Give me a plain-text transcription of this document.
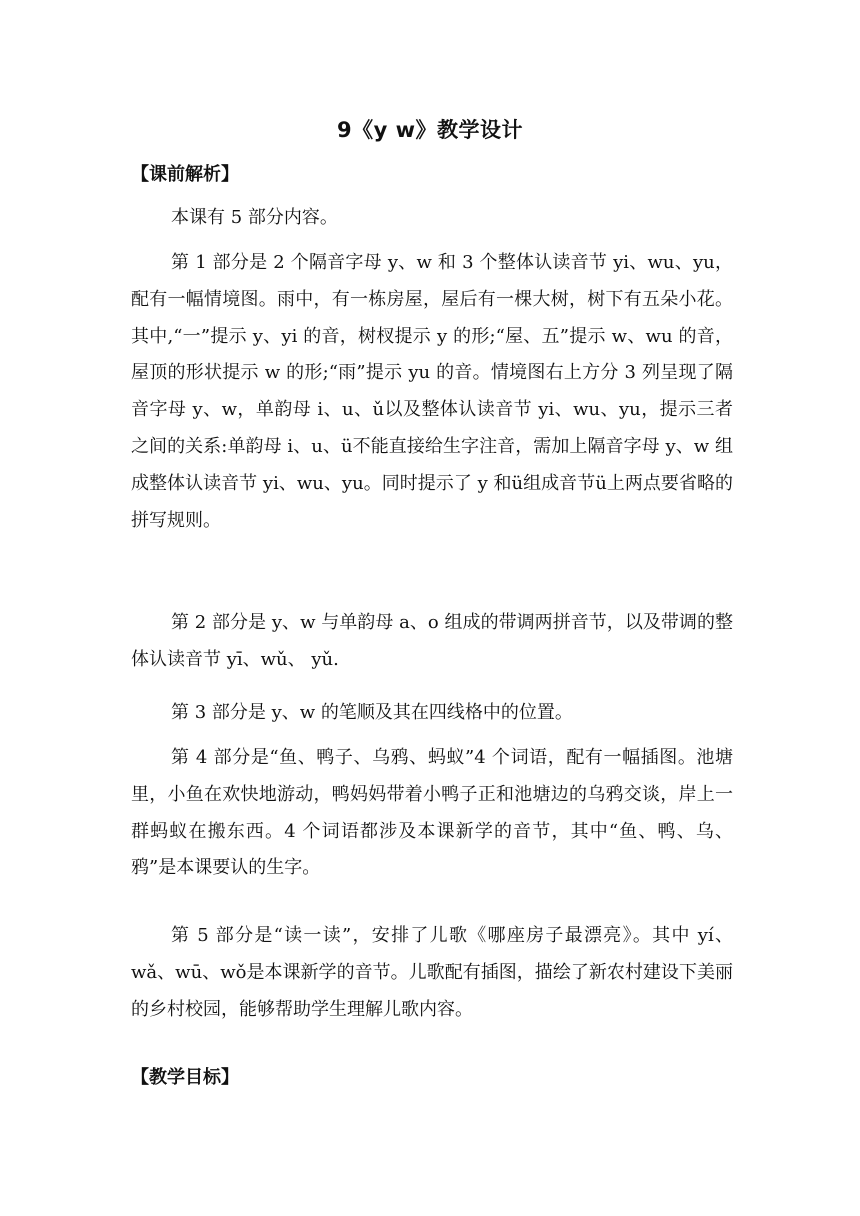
9《y w》教学设计
【课前解析】
本课有 5 部分内容。
第 1 部分是 2 个隔音字母 y、w 和 3 个整体认读音节 yi、wu、yu，配有一幅情境图。雨中，有一栋房屋，屋后有一棵大树，树下有五朵小花。其中,“一”提示 y、yi 的音，树杈提示 y 的形;“屋、五”提示 w、wu 的音，屋顶的形状提示 w 的形;“雨”提示 yu 的音。情境图右上方分 3 列呈现了隔音字母 y、w，单韵母 i、u、ǔ以及整体认读音节 yi、wu、yu，提示三者之间的关系:单韵母 i、u、ü不能直接给生字注音，需加上隔音字母 y、w 组成整体认读音节 yi、wu、yu。同时提示了 y 和ü组成音节ü上两点要省略的拼写规则。
第 2 部分是 y、w 与单韵母 a、o 组成的带调两拼音节，以及带调的整体认读音节 yī、wǔ、 yǔ.
第 3 部分是 y、w 的笔顺及其在四线格中的位置。
第 4 部分是“鱼、鸭子、乌鸦、蚂蚁”4 个词语，配有一幅插图。池塘里，小鱼在欢快地游动，鸭妈妈带着小鸭子正和池塘边的乌鸦交谈，岸上一群蚂蚁在搬东西。4 个词语都涉及本课新学的音节，其中“鱼、鸭、乌、鸦”是本课要认的生字。
第 5 部分是“读一读”，安排了儿歌《哪座房子最漂亮》。其中 yí、wǎ、wū、wǒ是本课新学的音节。儿歌配有插图，描绘了新农村建设下美丽的乡村校园，能够帮助学生理解儿歌内容。
【教学目标】
